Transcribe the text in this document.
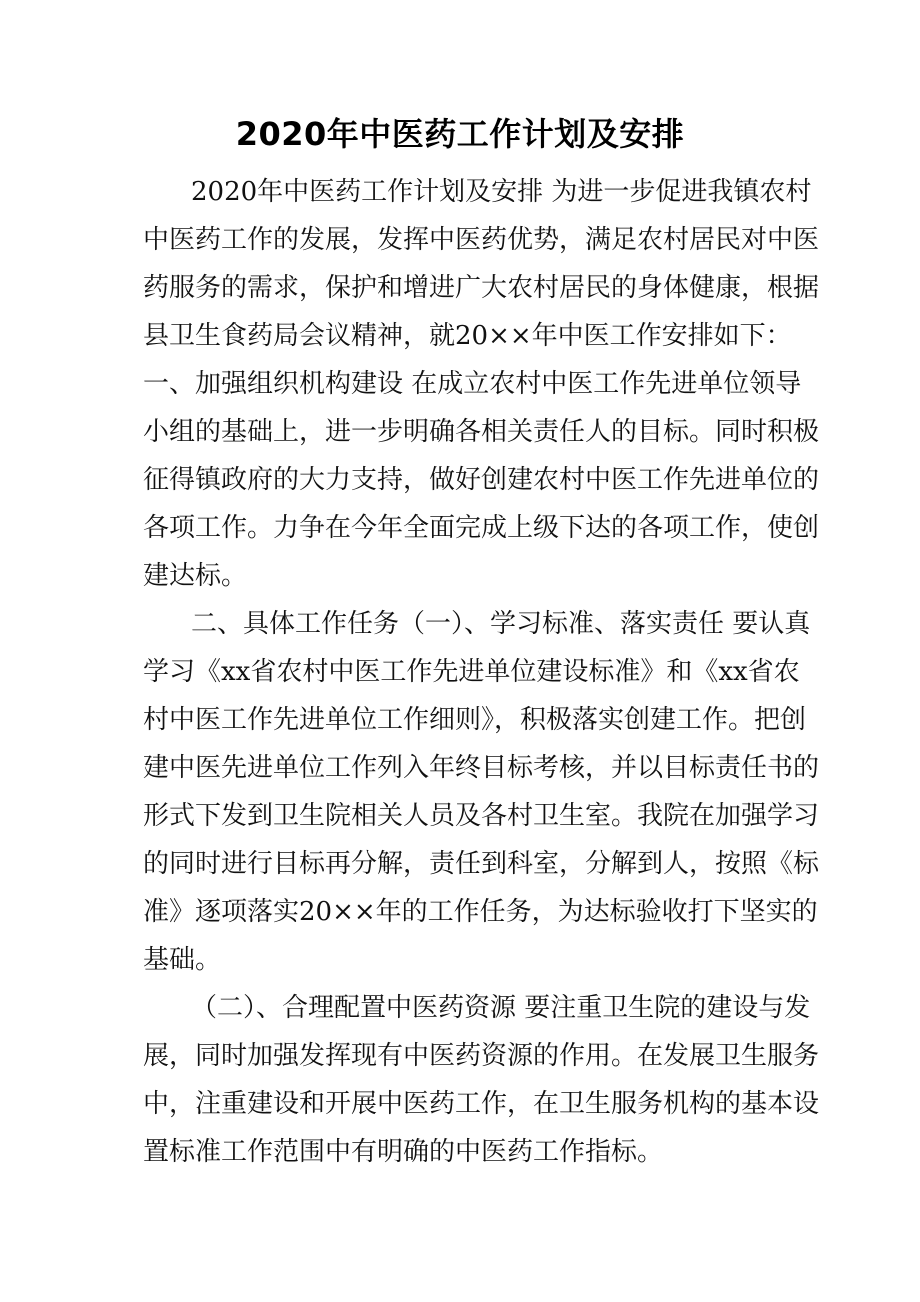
2020年中医药工作计划及安排
2020年中医药工作计划及安排 为进一步促进我镇农村
中医药工作的发展，发挥中医药优势，满足农村居民对中医
药服务的需求，保护和增进广大农村居民的身体健康，根据
县卫生食药局会议精神，就20××年中医工作安排如下：
一、加强组织机构建设 在成立农村中医工作先进单位领导
小组的基础上，进一步明确各相关责任人的目标。同时积极
征得镇政府的大力支持，做好创建农村中医工作先进单位的
各项工作。力争在今年全面完成上级下达的各项工作，使创
建达标。
二、具体工作任务（一）、学习标准、落实责任 要认真
学习《xx省农村中医工作先进单位建设标准》和《xx省农
村中医工作先进单位工作细则》，积极落实创建工作。把创
建中医先进单位工作列入年终目标考核，并以目标责任书的
形式下发到卫生院相关人员及各村卫生室。我院在加强学习
的同时进行目标再分解，责任到科室，分解到人，按照《标
准》逐项落实20××年的工作任务，为达标验收打下坚实的
基础。
（二）、合理配置中医药资源 要注重卫生院的建设与发
展，同时加强发挥现有中医药资源的作用。在发展卫生服务
中，注重建设和开展中医药工作，在卫生服务机构的基本设
置标准工作范围中有明确的中医药工作指标。
